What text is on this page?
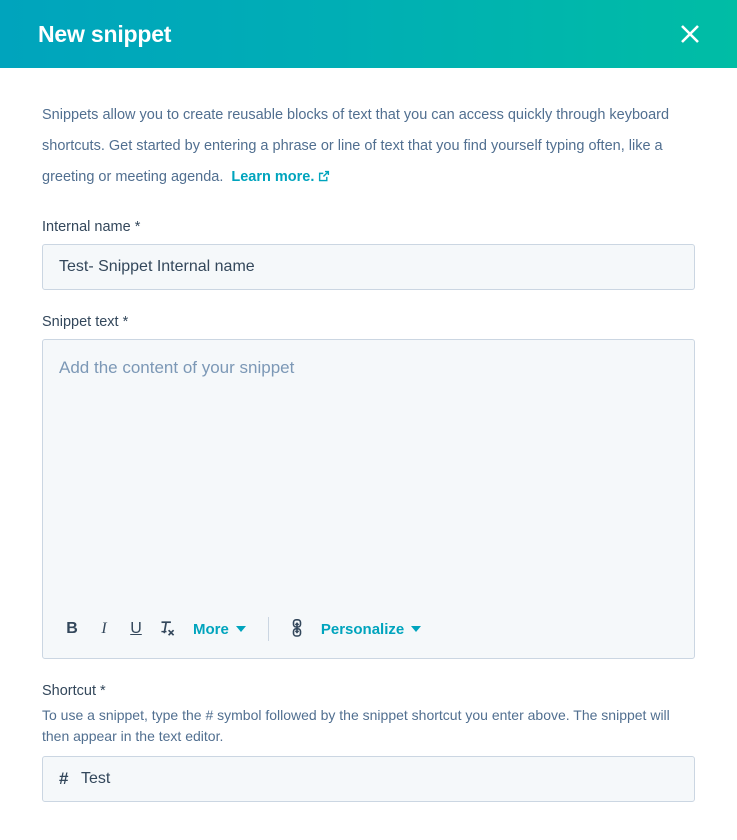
New snippet

Snippets allow you to create reusable blocks of text that you can access quickly through keyboard shortcuts. Get started by entering a phrase or line of text that you find yourself typing often, like a greeting or meeting agenda. Learn more.

Internal name *
Test- Snippet Internal name
Snippet text *
Add the content of your snippet
B	I	U	More	Personalize
Shortcut *
To use a snippet, type the # symbol followed by the snippet shortcut you enter above. The snippet will then appear in the text editor.
#
Test
